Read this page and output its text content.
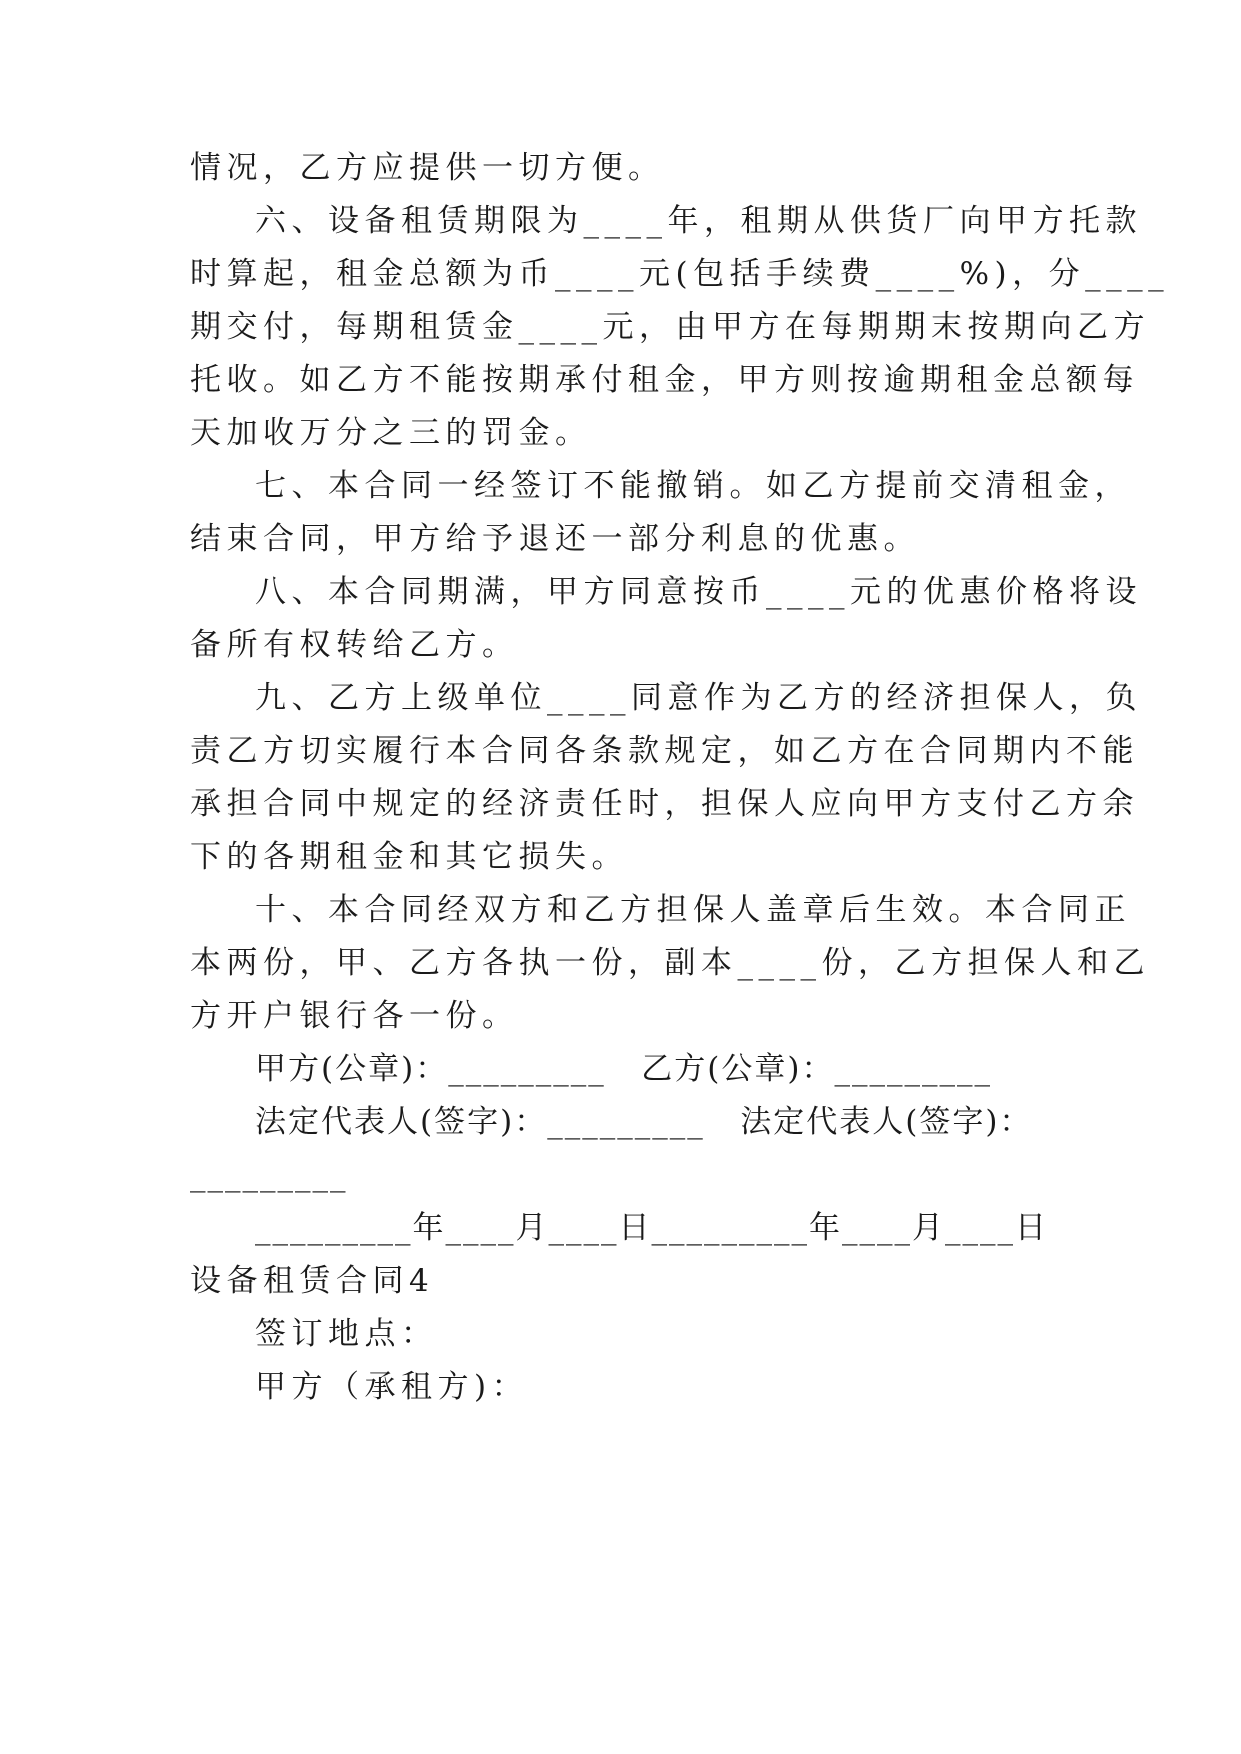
情况，乙方应提供一切方便。
六、设备租赁期限为____年，租期从供货厂向甲方托款
时算起，租金总额为币____元(包括手续费____%)，分____
期交付，每期租赁金____元，由甲方在每期期末按期向乙方
托收。如乙方不能按期承付租金，甲方则按逾期租金总额每
天加收万分之三的罚金。
七、本合同一经签订不能撤销。如乙方提前交清租金，
结束合同，甲方给予退还一部分利息的优惠。
八、本合同期满，甲方同意按币____元的优惠价格将设
备所有权转给乙方。
九、乙方上级单位____同意作为乙方的经济担保人，负
责乙方切实履行本合同各条款规定，如乙方在合同期内不能
承担合同中规定的经济责任时，担保人应向甲方支付乙方余
下的各期租金和其它损失。
十、本合同经双方和乙方担保人盖章后生效。本合同正
本两份，甲、乙方各执一份，副本____份，乙方担保人和乙
方开户银行各一份。
甲方(公章)：_________   乙方(公章)：_________
法定代表人(签字)：_________   法定代表人(签字)：
_________
_________年____月____日_________年____月____日
设备租赁合同4
签订地点：
甲方（承租方)：
